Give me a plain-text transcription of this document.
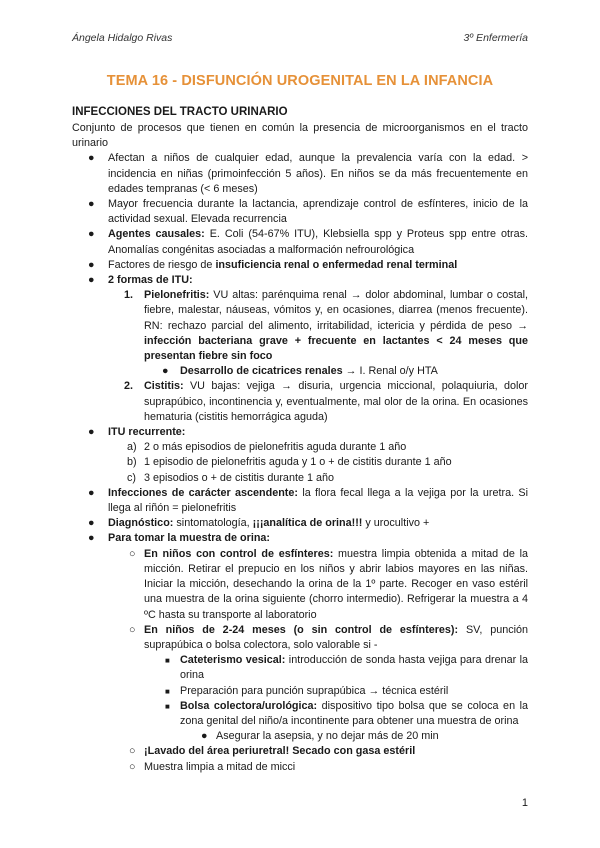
Ángela Hidalgo Rivas	3º Enfermería
TEMA 16 - DISFUNCIÓN UROGENITAL EN LA INFANCIA
INFECCIONES DEL TRACTO URINARIO

Conjunto de procesos que tienen en común la presencia de microorganismos en el tracto urinario

● Afectan a niños de cualquier edad, aunque la prevalencia varía con la edad. > incidencia en niñas (primoinfección 5 años). En niños se da más frecuentemente en edades tempranas (< 6 meses)
● Mayor frecuencia durante la lactancia, aprendizaje control de esfínteres, inicio de la actividad sexual. Elevada recurrencia
● Agentes causales: E. Coli (54-67% ITU), Klebsiella spp y Proteus spp entre otras. Anomalías congénitas asociadas a malformación nefrourológica
● Factores de riesgo de insuficiencia renal o enfermedad renal terminal
● 2 formas de ITU:
1. Pielonefritis: VU altas: parénquima renal → dolor abdominal, lumbar o costal, fiebre, malestar, náuseas, vómitos y, en ocasiones, diarrea (menos frecuente). RN: rechazo parcial del alimento, irritabilidad, ictericia y pérdida de peso → infección bacteriana grave + frecuente en lactantes < 24 meses que presentan fiebre sin foco
● Desarrollo de cicatrices renales → I. Renal o/y HTA
2. Cistitis: VU bajas: vejiga → disuria, urgencia miccional, polaquiuria, dolor suprapúbico, incontinencia y, eventualmente, mal olor de la orina. En ocasiones hematuria (cistitis hemorrágica aguda)
● ITU recurrente:
a) 2 o más episodios de pielonefritis aguda durante 1 año
b) 1 episodio de pielonefritis aguda y 1 o + de cistitis durante 1 año
c) 3 episodios o + de cistitis durante 1 año
● Infecciones de carácter ascendente: la flora fecal llega a la vejiga por la uretra. Si llega al riñón = pielonefritis
● Diagnóstico: sintomatología, ¡¡¡analítica de orina!!! y urocultivo +
● Para tomar la muestra de orina:
○ En niños con control de esfínteres: muestra limpia obtenida a mitad de la micción. Retirar el prepucio en los niños y abrir labios mayores en las niñas. Iniciar la micción, desechando la orina de la 1º parte. Recoger en vaso estéril una muestra de la orina siguiente (chorro intermedio). Refrigerar la muestra a 4 ºC hasta su transporte al laboratorio
○ En niños de 2-24 meses (o sin control de esfínteres): SV, punción suprapúbica o bolsa colectora, solo valorable si -
■ Cateterismo vesical: introducción de sonda hasta vejiga para drenar la orina
■ Preparación para punción suprapúbica → técnica estéril
■ Bolsa colectora/urológica: dispositivo tipo bolsa que se coloca en la zona genital del niño/a incontinente para obtener una muestra de orina
● Asegurar la asepsia, y no dejar más de 20 min
○ ¡Lavado del área periuretral! Secado con gasa estéril
○ Muestra limpia a mitad de micci
1
